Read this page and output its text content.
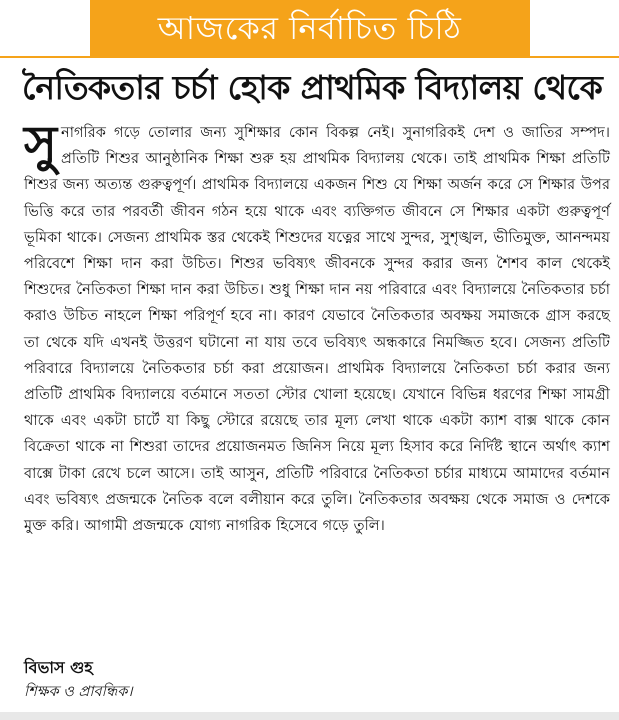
আজকের নির্বাচিত চিঠি
নৈতিকতার চর্চা হোক প্রাথমিক বিদ্যালয় থেকে
সুনাগরিক গড়ে তোলার জন্য সুশিক্ষার কোন বিকল্প নেই। সুনাগরিকই দেশ ও জাতির সম্পদ। প্রতিটি শিশুর আনুষ্ঠানিক শিক্ষা শুরু হয় প্রাথমিক বিদ্যালয় থেকে। তাই প্রাথমিক শিক্ষা প্রতিটি শিশুর জন্য অত্যন্ত গুরুত্বপূর্ণ। প্রাথমিক বিদ্যালয়ে একজন শিশু যে শিক্ষা অর্জন করে সে শিক্ষার উপর ভিত্তি করে তার পরবর্তী জীবন গঠন হয়ে থাকে এবং ব্যক্তিগত জীবনে সে শিক্ষার একটা গুরুত্বপূর্ণ ভূমিকা থাকে। সেজন্য প্রাথমিক স্তর থেকেই শিশুদের যত্নের সাথে সুন্দর, সুশৃঙ্খল, ভীতিমুক্ত, আনন্দময় পরিবেশে শিক্ষা দান করা উচিত। শিশুর ভবিষ্যৎ জীবনকে সুন্দর করার জন্য শৈশব কাল থেকেই শিশুদের নৈতিকতা শিক্ষা দান করা উচিত। শুধু শিক্ষা দান নয় পরিবারে এবং বিদ্যালয়ে নৈতিকতার চর্চা করাও উচিত নাহলে শিক্ষা পরিপূর্ণ হবে না। কারণ যেভাবে নৈতিকতার অবক্ষয় সমাজকে গ্রাস করছে তা থেকে যদি এখনই উত্তরণ ঘটানো না যায় তবে ভবিষ্যৎ অন্ধকারে নিমজ্জিত হবে। সেজন্য প্রতিটি পরিবারে বিদ্যালয়ে নৈতিকতার চর্চা করা প্রয়োজন। প্রাথমিক বিদ্যালয়ে নৈতিকতা চর্চা করার জন্য প্রতিটি প্রাথমিক বিদ্যালয়ে বর্তমানে সততা স্টোর খোলা হয়েছে। যেখানে বিভিন্ন ধরণের শিক্ষা সামগ্রী থাকে এবং একটা চার্টে যা কিছু স্টোরে রয়েছে তার মূল্য লেখা থাকে একটা ক্যাশ বাক্স থাকে কোন বিক্রেতা থাকে না শিশুরা তাদের প্রয়োজনমত জিনিস নিয়ে মূল্য হিসাব করে নির্দিষ্ট স্থানে অর্থাৎ ক্যাশ বাক্সে টাকা রেখে চলে আসে। তাই আসুন, প্রতিটি পরিবারে নৈতিকতা চর্চার মাধ্যমে আমাদের বর্তমান এবং ভবিষ্যৎ প্রজন্মকে নৈতিক বলে বলীয়ান করে তুলি। নৈতিকতার অবক্ষয় থেকে সমাজ ও দেশকে মুক্ত করি। আগামী প্রজন্মকে যোগ্য নাগরিক হিসেবে গড়ে তুলি।
বিভাস গুহ
শিক্ষক ও প্রাবন্ধিক।
